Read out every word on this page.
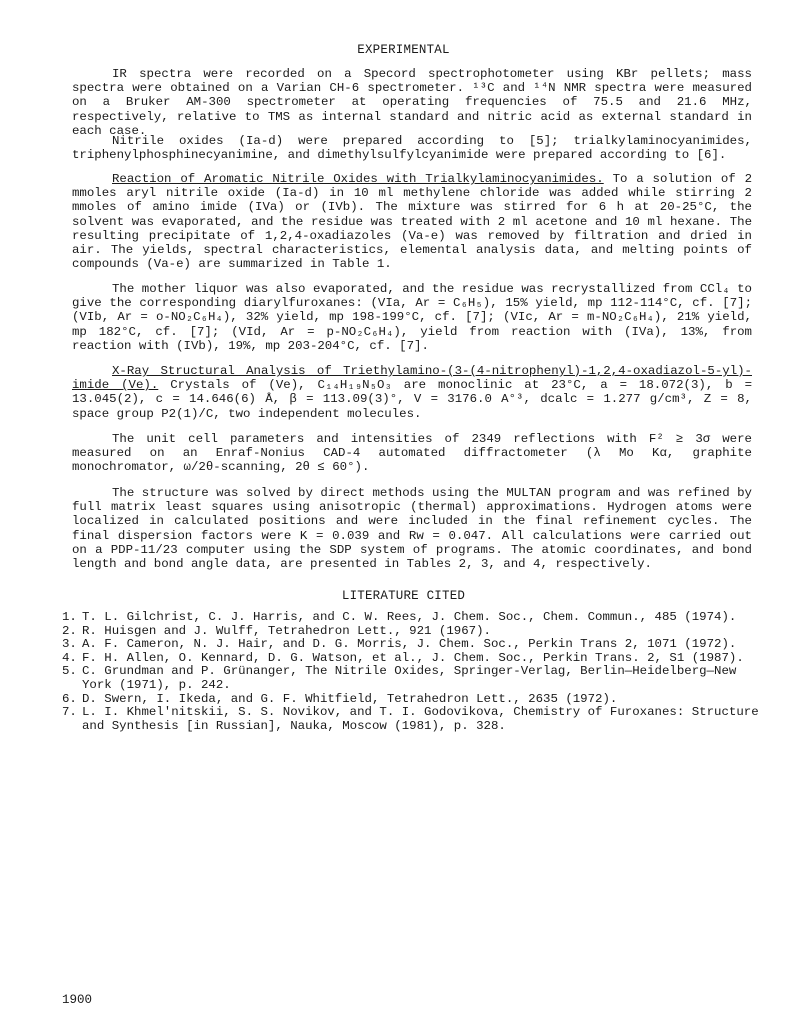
EXPERIMENTAL
IR spectra were recorded on a Specord spectrophotometer using KBr pellets; mass spectra were obtained on a Varian CH-6 spectrometer. ¹³C and ¹⁴N NMR spectra were measured on a Bruker AM-300 spectrometer at operating frequencies of 75.5 and 21.6 MHz, respectively, relative to TMS as internal standard and nitric acid as external standard in each case.
Nitrile oxides (Ia-d) were prepared according to [5]; trialkylaminocyanimides, triphenylphosphinecyanimine, and dimethylsulfylcyanimide were prepared according to [6].
Reaction of Aromatic Nitrile Oxides with Trialkylaminocyanimides. To a solution of 2 mmoles aryl nitrile oxide (Ia-d) in 10 ml methylene chloride was added while stirring 2 mmoles of amino imide (IVa) or (IVb). The mixture was stirred for 6 h at 20-25°C, the solvent was evaporated, and the residue was treated with 2 ml acetone and 10 ml hexane. The resulting precipitate of 1,2,4-oxadiazoles (Va-e) was removed by filtration and dried in air. The yields, spectral characteristics, elemental analysis data, and melting points of compounds (Va-e) are summarized in Table 1.
The mother liquor was also evaporated, and the residue was recrystallized from CCl₄ to give the corresponding diarylfuroxanes: (VIa, Ar = C₆H₅), 15% yield, mp 112-114°C, cf. [7]; (VIb, Ar = o-NO₂C₆H₄), 32% yield, mp 198-199°C, cf. [7]; (VIc, Ar = m-NO₂C₆H₄), 21% yield, mp 182°C, cf. [7]; (VId, Ar = p-NO₂C₆H₄), yield from reaction with (IVa), 13%, from reaction with (IVb), 19%, mp 203-204°C, cf. [7].
X-Ray Structural Analysis of Triethylamino-(3-(4-nitrophenyl)-1,2,4-oxadiazol-5-yl)-imide (Ve). Crystals of (Ve), C₁₄H₁₉N₅O₃ are monoclinic at 23°C, a = 18.072(3), b = 13.045(2), c = 14.646(6) Å, β = 113.09(3)°, V = 3176.0 A°³, dcalc = 1.277 g/cm³, Z = 8, space group P2(1)/C, two independent molecules.
The unit cell parameters and intensities of 2349 reflections with F² ≥ 3σ were measured on an Enraf-Nonius CAD-4 automated diffractometer (λ Mo Kα, graphite monochromator, ω/2θ-scanning, 2θ ≤ 60°).
The structure was solved by direct methods using the MULTAN program and was refined by full matrix least squares using anisotropic (thermal) approximations. Hydrogen atoms were localized in calculated positions and were included in the final refinement cycles. The final dispersion factors were K = 0.039 and Rw = 0.047. All calculations were carried out on a PDP-11/23 computer using the SDP system of programs. The atomic coordinates, and bond length and bond angle data, are presented in Tables 2, 3, and 4, respectively.
LITERATURE CITED
1. T. L. Gilchrist, C. J. Harris, and C. W. Rees, J. Chem. Soc., Chem. Commun., 485 (1974).
2. R. Huisgen and J. Wulff, Tetrahedron Lett., 921 (1967).
3. A. F. Cameron, N. J. Hair, and D. G. Morris, J. Chem. Soc., Perkin Trans 2, 1071 (1972).
4. F. H. Allen, O. Kennard, D. G. Watson, et al., J. Chem. Soc., Perkin Trans. 2, S1 (1987).
5. C. Grundman and P. Grünanger, The Nitrile Oxides, Springer-Verlag, Berlin—Heidelberg—New York (1971), p. 242.
6. D. Swern, I. Ikeda, and G. F. Whitfield, Tetrahedron Lett., 2635 (1972).
7. L. I. Khmel'nitskii, S. S. Novikov, and T. I. Godovikova, Chemistry of Furoxanes: Structure and Synthesis [in Russian], Nauka, Moscow (1981), p. 328.
1900
